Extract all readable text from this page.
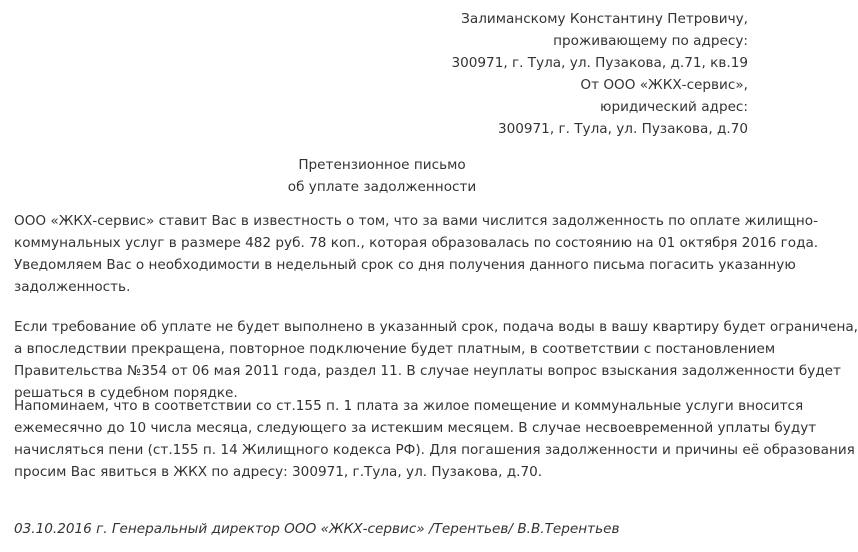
Залиманскому Константину Петровичу,
проживающему по адресу:
300971, г. Тула, ул. Пузакова, д.71, кв.19
От ООО «ЖКХ-сервис»,
юридический адрес:
300971, г. Тула, ул. Пузакова, д.70
Претензионное письмо
об уплате задолженности
ООО «ЖКХ-сервис» ставит Вас в известность о том, что за вами числится задолженность по оплате жилищно-
коммунальных услуг в размере 482 руб. 78 коп., которая образовалась по состоянию на 01 октября 2016 года.
Уведомляем Вас о необходимости в недельный срок со дня получения данного письма погасить указанную
задолженность.
Если требование об уплате не будет выполнено в указанный срок, подача воды в вашу квартиру будет ограничена,
а впоследствии прекращена, повторное подключение будет платным, в соответствии с постановлением
Правительства №354 от 06 мая 2011 года, раздел 11. В случае неуплаты вопрос взыскания задолженности будет
решаться в судебном порядке.
Напоминаем, что в соответствии со ст.155 п. 1 плата за жилое помещение и коммунальные услуги вносится
ежемесячно до 10 числа месяца, следующего за истекшим месяцем. В случае несвоевременной уплаты будут
начисляться пени (ст.155 п. 14 Жилищного кодекса РФ). Для погашения задолженности и причины её образования
просим Вас явиться в ЖКХ по адресу: 300971, г.Тула, ул. Пузакова, д.70.
03.10.2016 г. Генеральный директор ООО «ЖКХ-сервис» /Терентьев/ В.В.Терентьев
